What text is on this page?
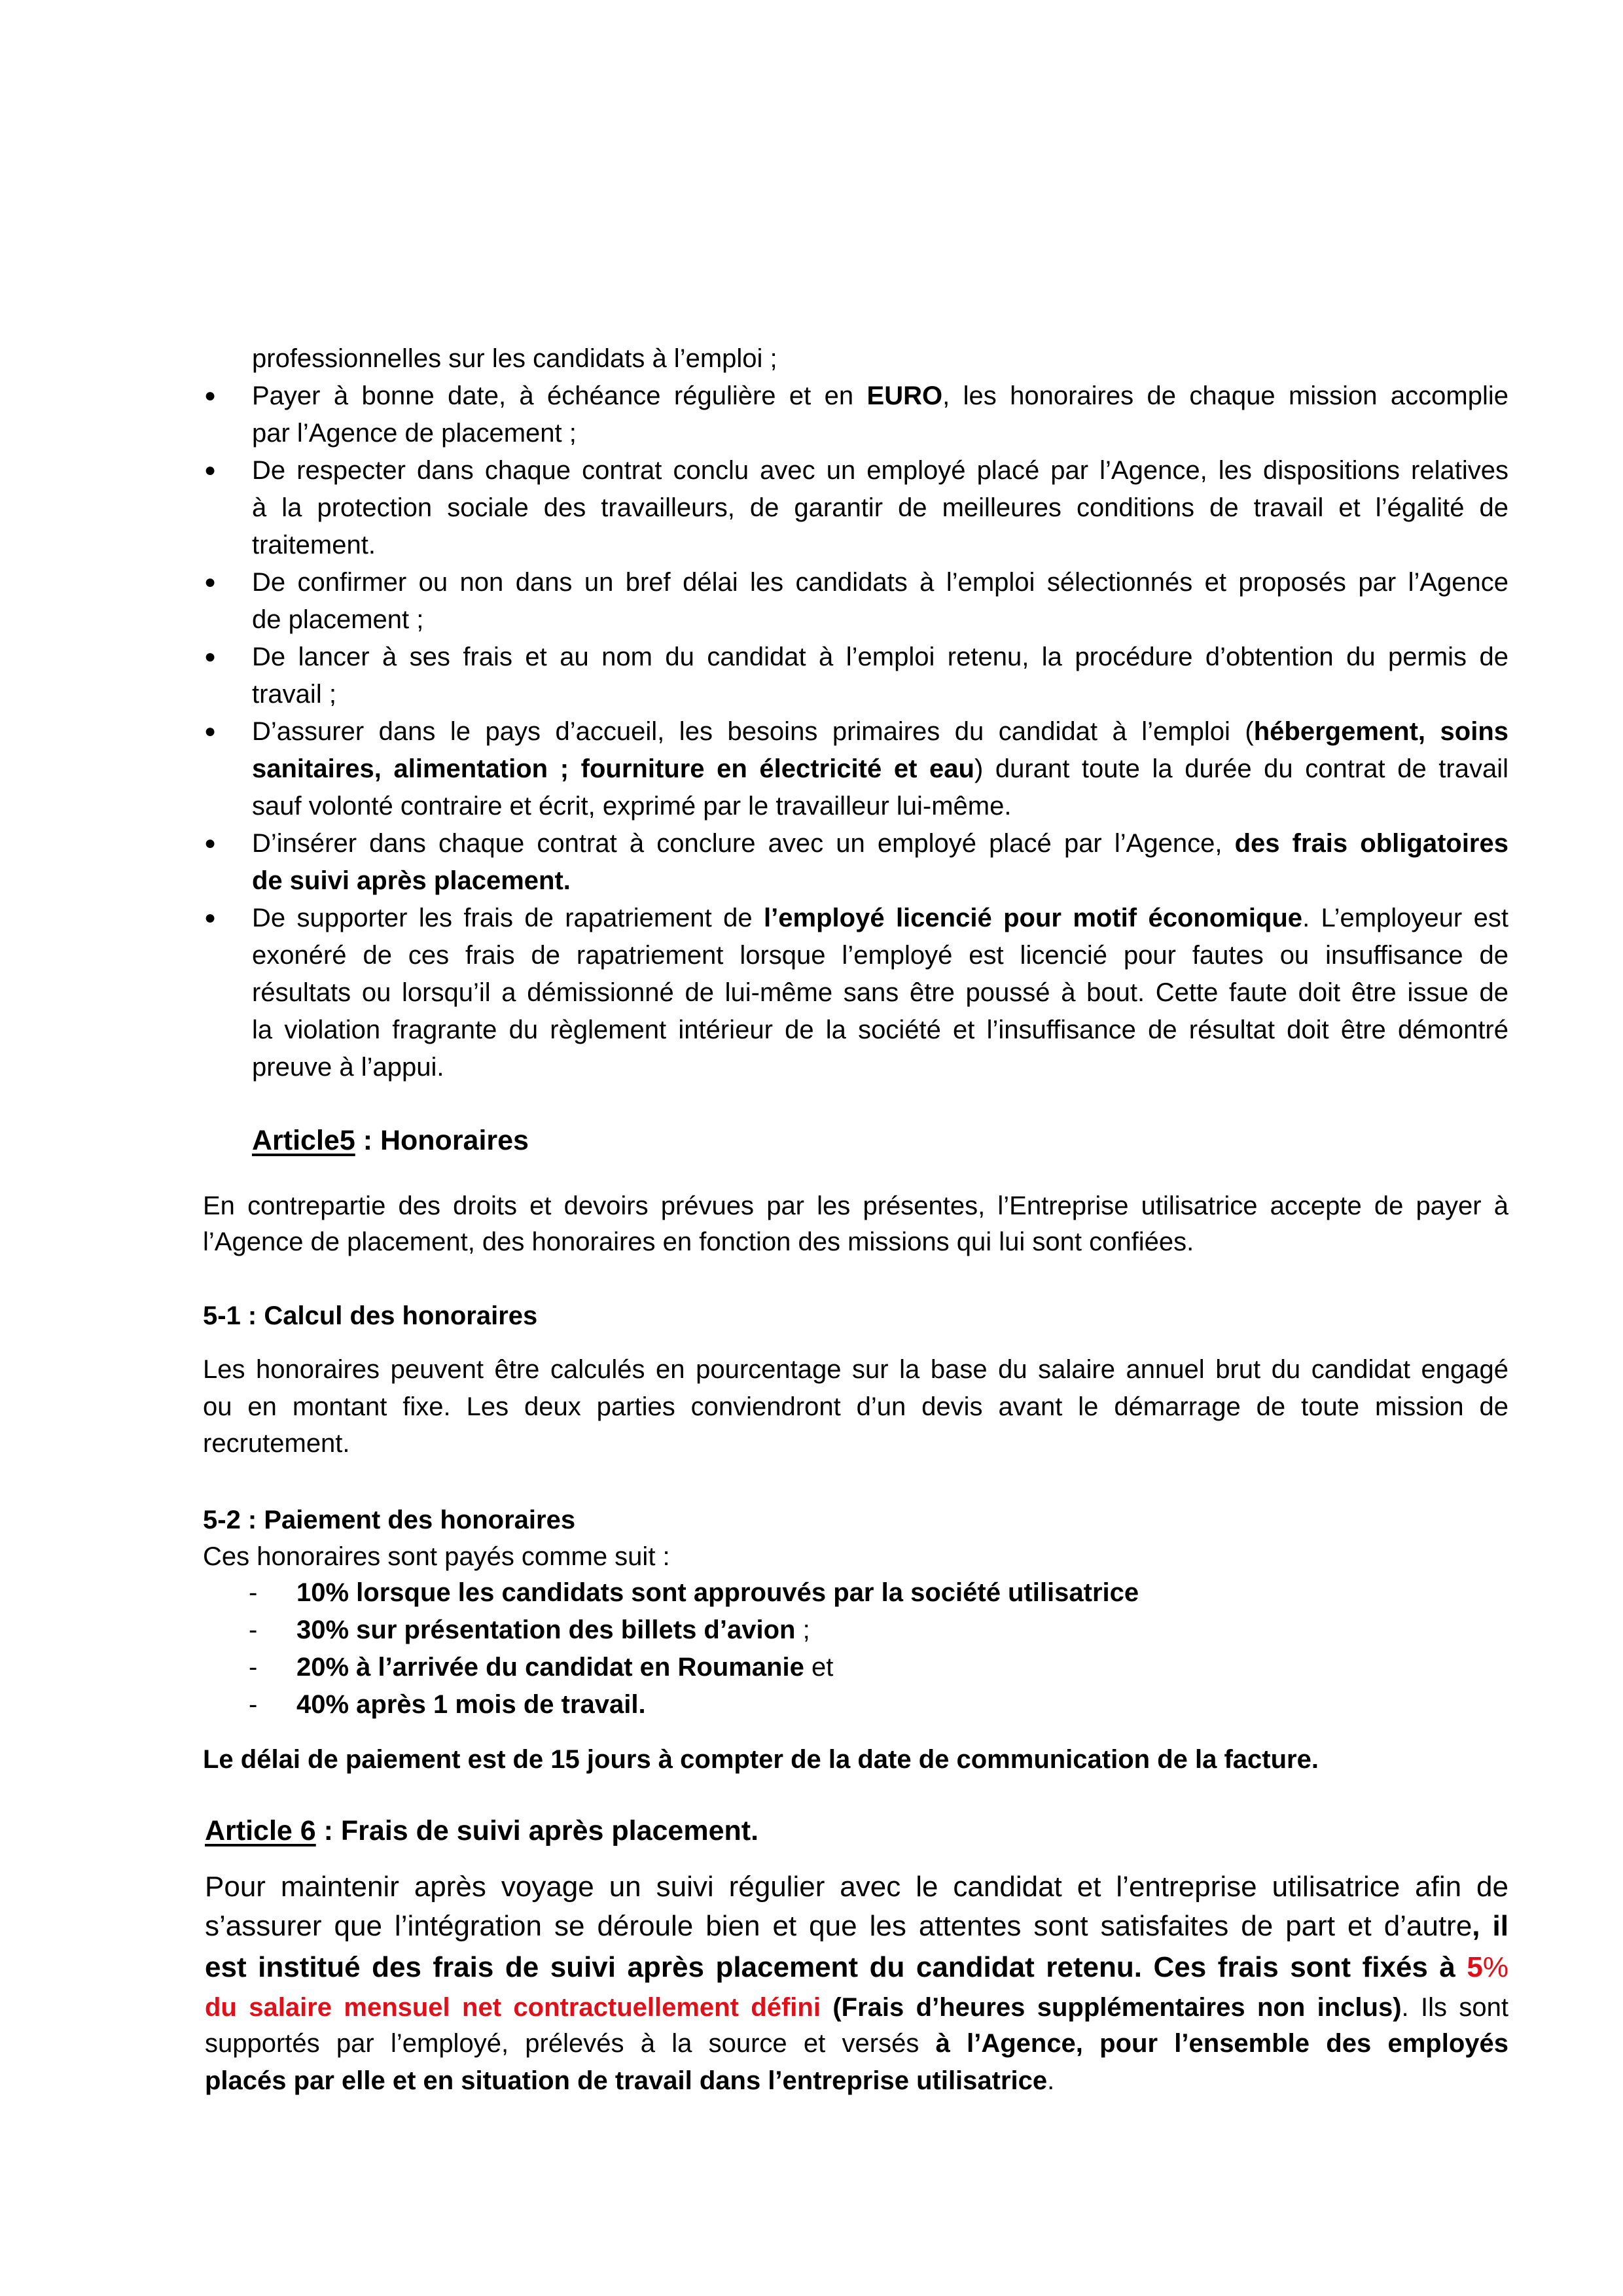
professionnelles sur les candidats à l’emploi ;
● Payer à bonne date, à échéance régulière et en EURO, les honoraires de chaque mission accomplie
par l’Agence de placement ;
● De respecter dans chaque contrat conclu avec un employé placé par l’Agence, les dispositions relatives
à la protection sociale des travailleurs, de garantir de meilleures conditions de travail et l’égalité de
traitement.
● De confirmer ou non dans un bref délai les candidats à l’emploi sélectionnés et proposés par l’Agence
de placement ;
● De lancer à ses frais et au nom du candidat à l’emploi retenu, la procédure d’obtention du permis de
travail ;
● D’assurer dans le pays d’accueil, les besoins primaires du candidat à l’emploi (hébergement, soins
sanitaires, alimentation ; fourniture en électricité et eau) durant toute la durée du contrat de travail
sauf volonté contraire et écrit, exprimé par le travailleur lui-même.
● D’insérer dans chaque contrat à conclure avec un employé placé par l’Agence, des frais obligatoires
de suivi après placement.
● De supporter les frais de rapatriement de l’employé licencié pour motif économique. L’employeur est
exonéré de ces frais de rapatriement lorsque l’employé est licencié pour fautes ou insuffisance de
résultats ou lorsqu’il a démissionné de lui-même sans être poussé à bout. Cette faute doit être issue de
la violation fragrante du règlement intérieur de la société et l’insuffisance de résultat doit être démontré
preuve à l’appui.
Article5 : Honoraires
En contrepartie des droits et devoirs prévues par les présentes, l’Entreprise utilisatrice accepte de payer à
l’Agence de placement, des honoraires en fonction des missions qui lui sont confiées.
5-1 : Calcul des honoraires
Les honoraires peuvent être calculés en pourcentage sur la base du salaire annuel brut du candidat engagé
ou en montant fixe. Les deux parties conviendront d’un devis avant le démarrage de toute mission de
recrutement.
5-2 : Paiement des honoraires
Ces honoraires sont payés comme suit :
- 10% lorsque les candidats sont approuvés par la société utilisatrice
- 30% sur présentation des billets d’avion ;
- 20% à l’arrivée du candidat en Roumanie et
- 40% après 1 mois de travail.
Le délai de paiement est de 15 jours à compter de la date de communication de la facture.
Article 6 : Frais de suivi après placement.
Pour maintenir après voyage un suivi régulier avec le candidat et l’entreprise utilisatrice afin de
s’assurer que l’intégration se déroule bien et que les attentes sont satisfaites de part et d’autre, il
est institué des frais de suivi après placement du candidat retenu. Ces frais sont fixés à 5%
du salaire mensuel net contractuellement défini (Frais d’heures supplémentaires non inclus). Ils sont
supportés par l’employé, prélevés à la source et versés à l’Agence, pour l’ensemble des employés
placés par elle et en situation de travail dans l’entreprise utilisatrice.
